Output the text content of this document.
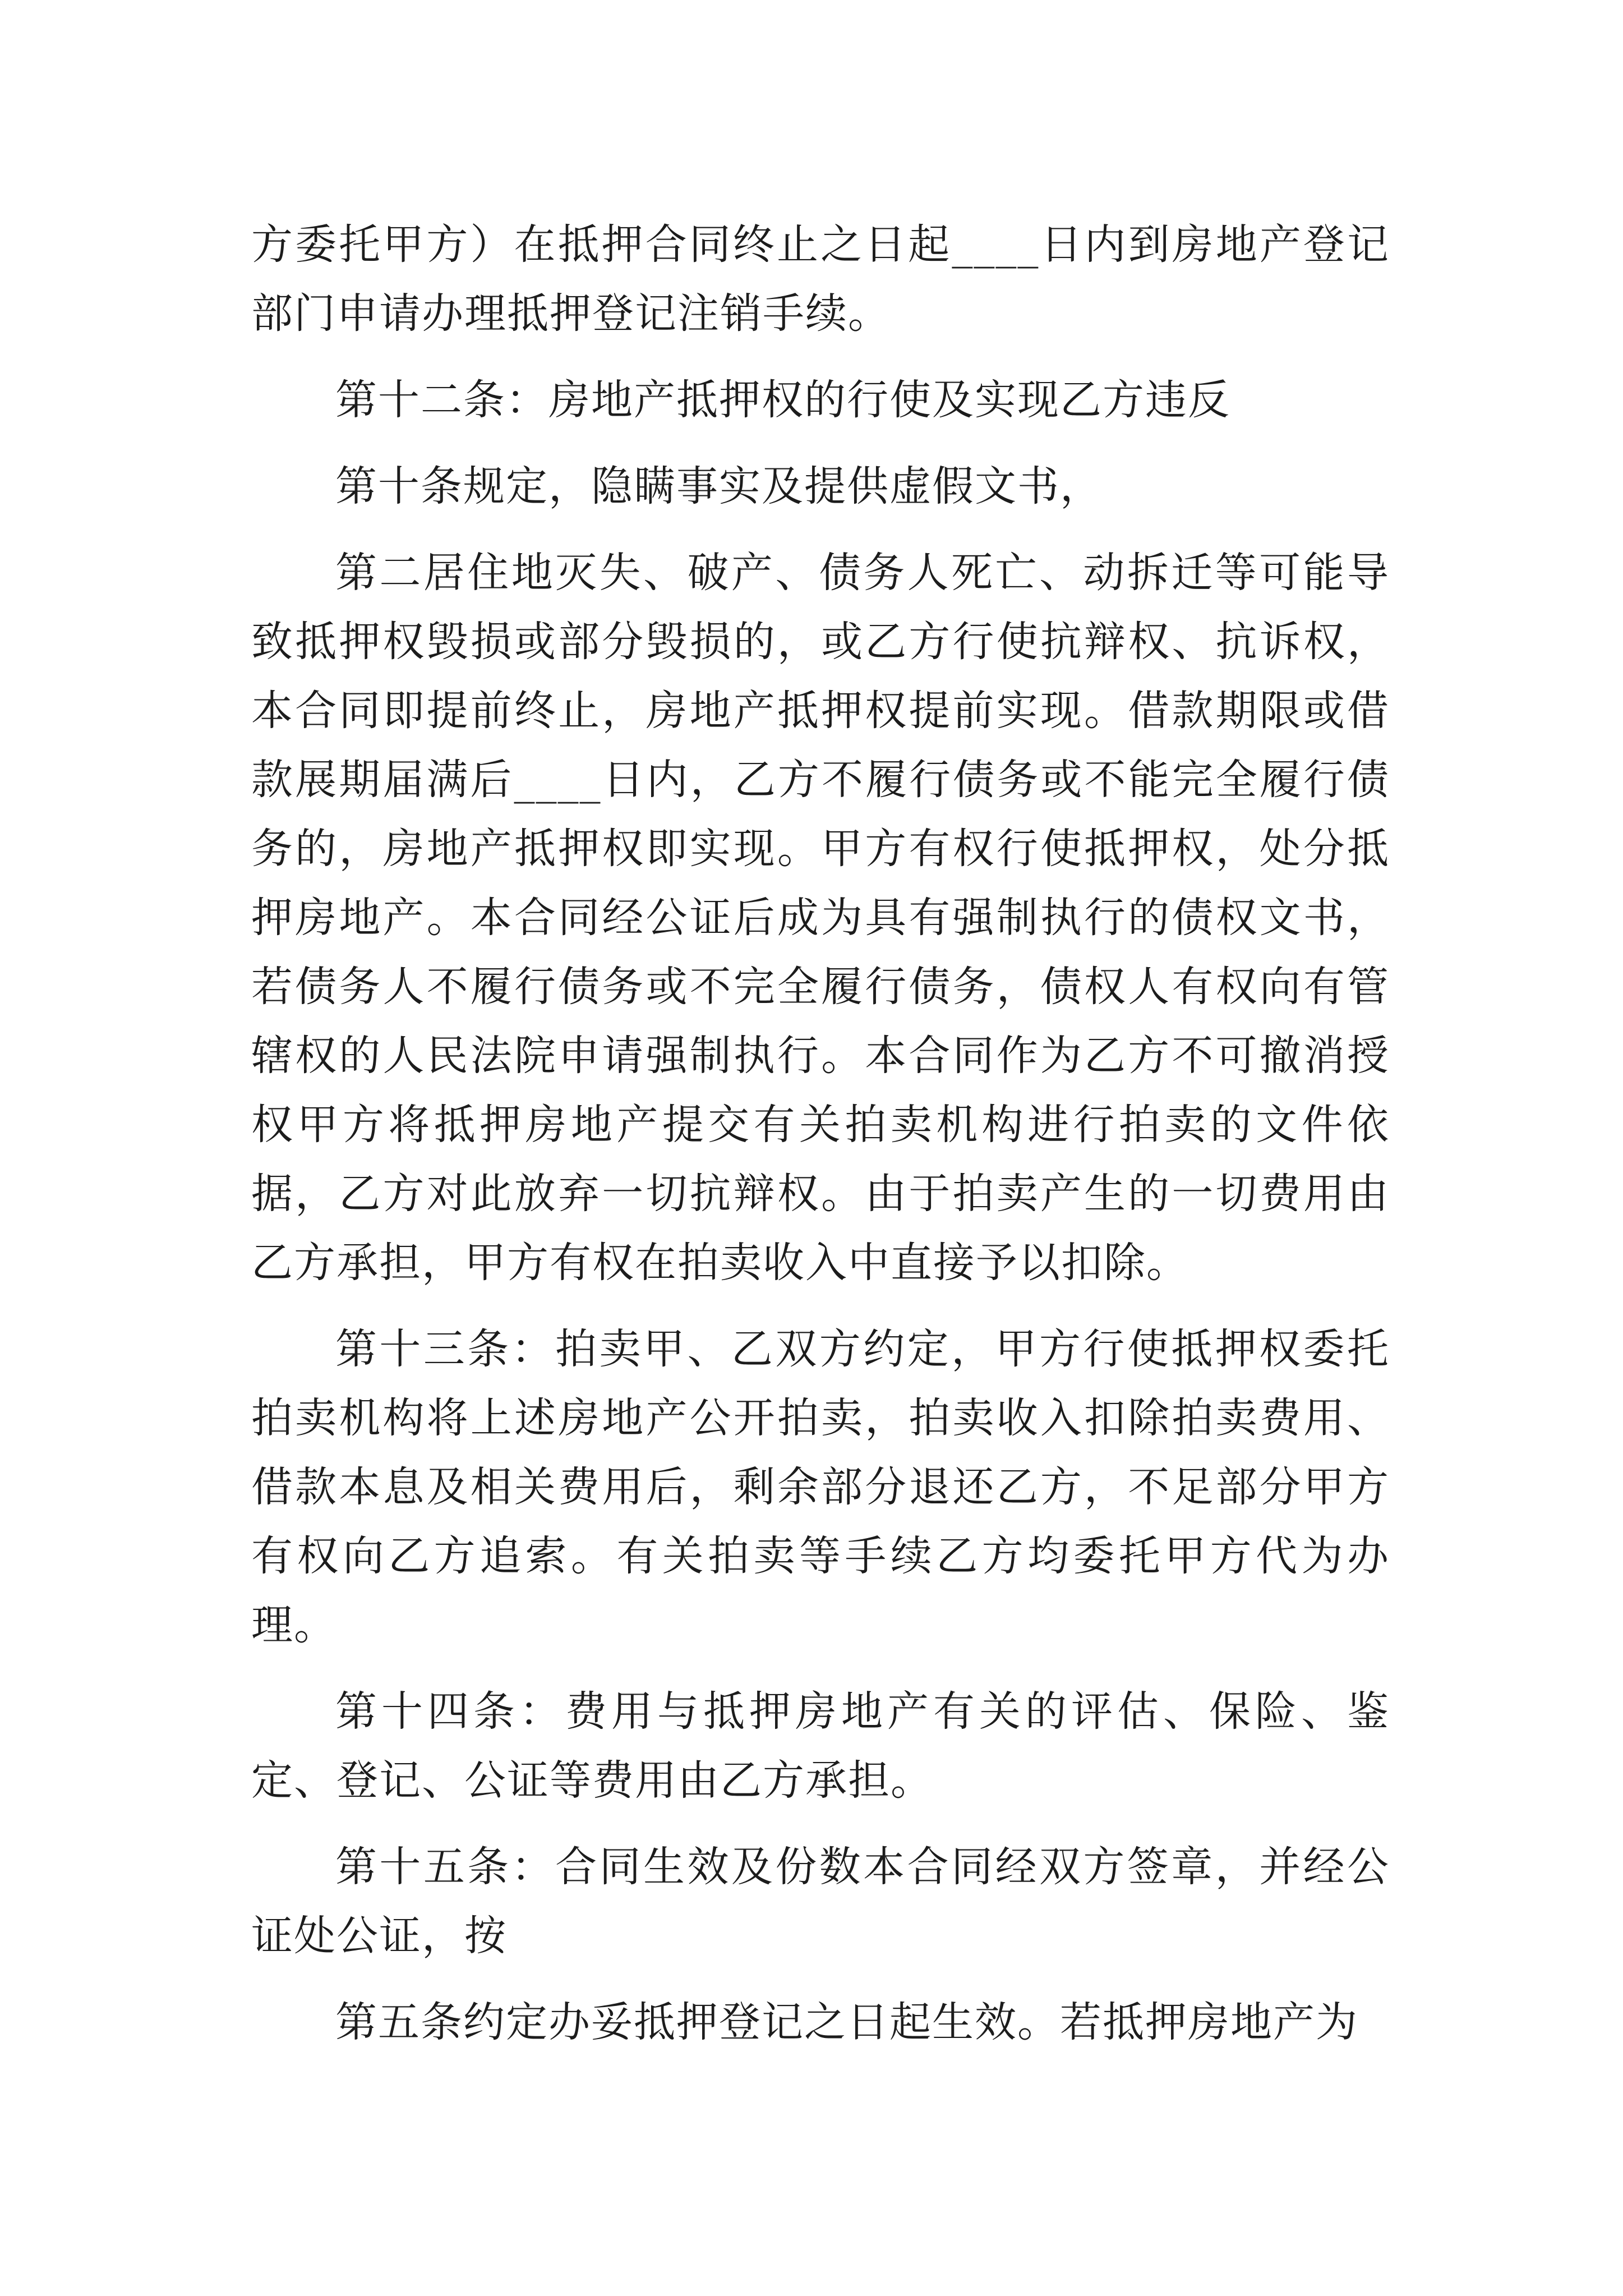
方委托甲方）在抵押合同终止之日起____日内到房地产登记部门申请办理抵押登记注销手续。

第十二条：房地产抵押权的行使及实现乙方违反

第十条规定，隐瞒事实及提供虚假文书，

第二居住地灭失、破产、债务人死亡、动拆迁等可能导致抵押权毁损或部分毁损的，或乙方行使抗辩权、抗诉权，本合同即提前终止，房地产抵押权提前实现。借款期限或借款展期届满后____日内，乙方不履行债务或不能完全履行债务的，房地产抵押权即实现。甲方有权行使抵押权，处分抵押房地产。本合同经公证后成为具有强制执行的债权文书，若债务人不履行债务或不完全履行债务，债权人有权向有管辖权的人民法院申请强制执行。本合同作为乙方不可撤消授权甲方将抵押房地产提交有关拍卖机构进行拍卖的文件依据，乙方对此放弃一切抗辩权。由于拍卖产生的一切费用由乙方承担，甲方有权在拍卖收入中直接予以扣除。

第十三条：拍卖甲、乙双方约定，甲方行使抵押权委托拍卖机构将上述房地产公开拍卖，拍卖收入扣除拍卖费用、借款本息及相关费用后，剩余部分退还乙方，不足部分甲方有权向乙方追索。有关拍卖等手续乙方均委托甲方代为办理。

第十四条：费用与抵押房地产有关的评估、保险、鉴定、登记、公证等费用由乙方承担。

第十五条：合同生效及份数本合同经双方签章，并经公证处公证，按

第五条约定办妥抵押登记之日起生效。若抵押房地产为
